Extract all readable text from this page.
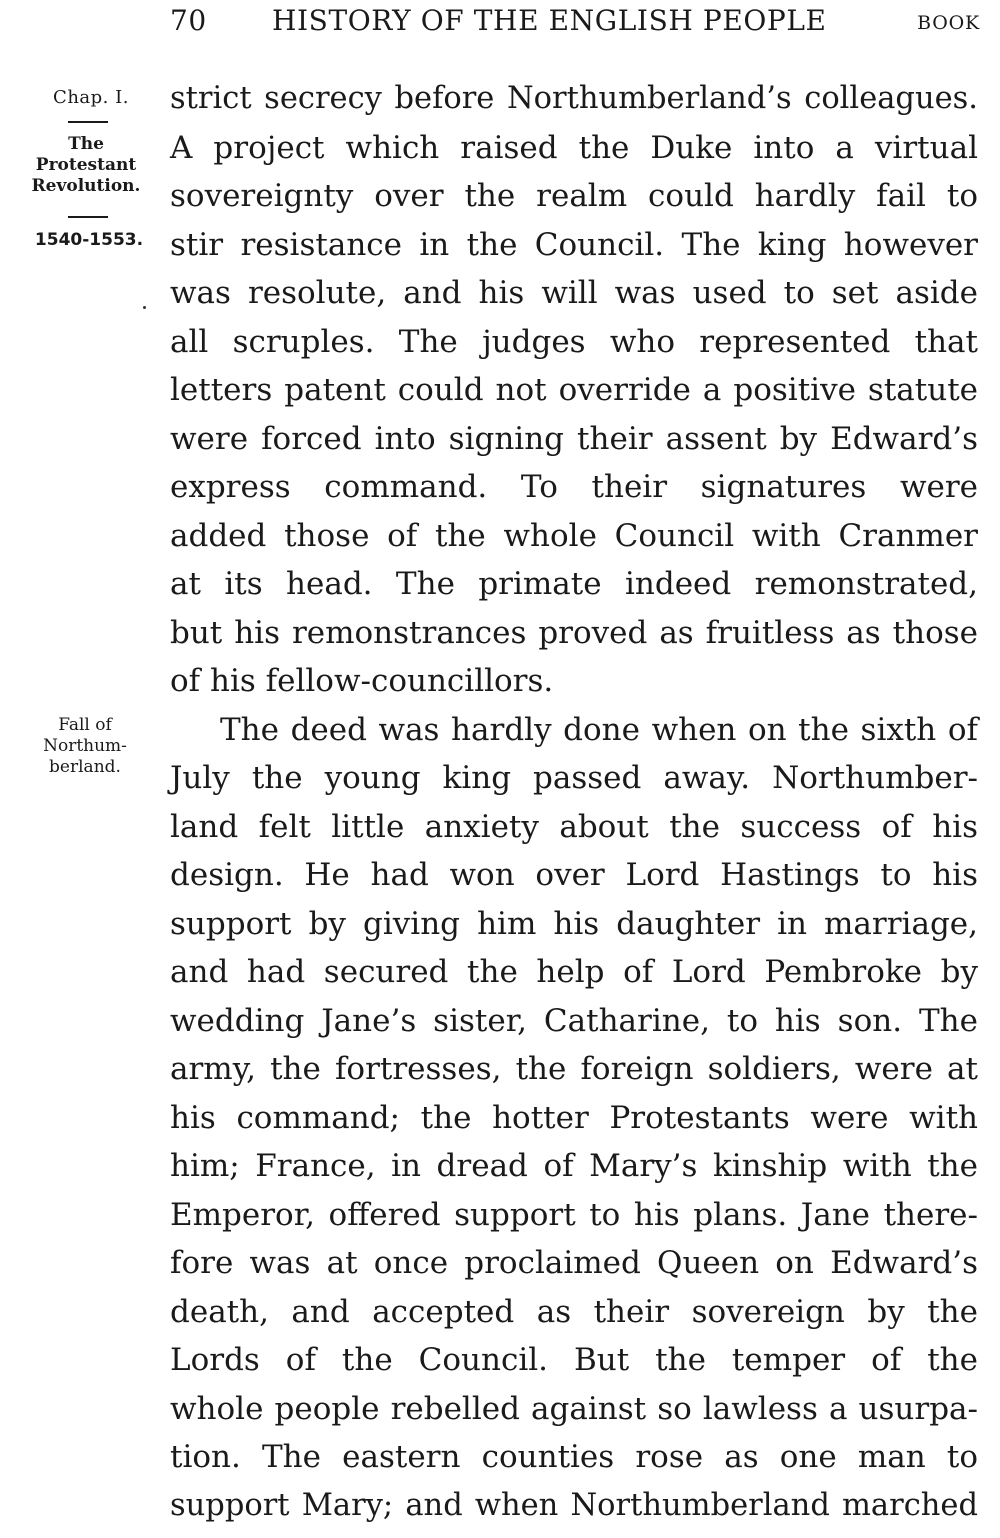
70 HISTORY OF THE ENGLISH PEOPLE	BOOK
Chap. I.
The
Protestant
Revolution.
1540-1553.
Fall of
Northum-
berland.
strict secrecy before Northumberland’s colleagues.
A project which raised the Duke into a virtual
sovereignty over the realm could hardly fail to
stir resistance in the Council. The king however
was resolute, and his will was used to set aside
all scruples. The judges who represented that
letters patent could not override a positive statute
were forced into signing their assent by Edward’s
express command. To their signatures were
added those of the whole Council with Cranmer
at its head. The primate indeed remonstrated,
but his remonstrances proved as fruitless as those
of his fellow-councillors.
The deed was hardly done when on the sixth of
July the young king passed away. Northumber-
land felt little anxiety about the success of his
design. He had won over Lord Hastings to his
support by giving him his daughter in marriage,
and had secured the help of Lord Pembroke by
wedding Jane’s sister, Catharine, to his son. The
army, the fortresses, the foreign soldiers, were at
his command; the hotter Protestants were with
him; France, in dread of Mary’s kinship with the
Emperor, offered support to his plans. Jane there-
fore was at once proclaimed Queen on Edward’s
death, and accepted as their sovereign by the
Lords of the Council. But the temper of the
whole people rebelled against so lawless a usurpa-
tion. The eastern counties rose as one man to
support Mary; and when Northumberland marched
